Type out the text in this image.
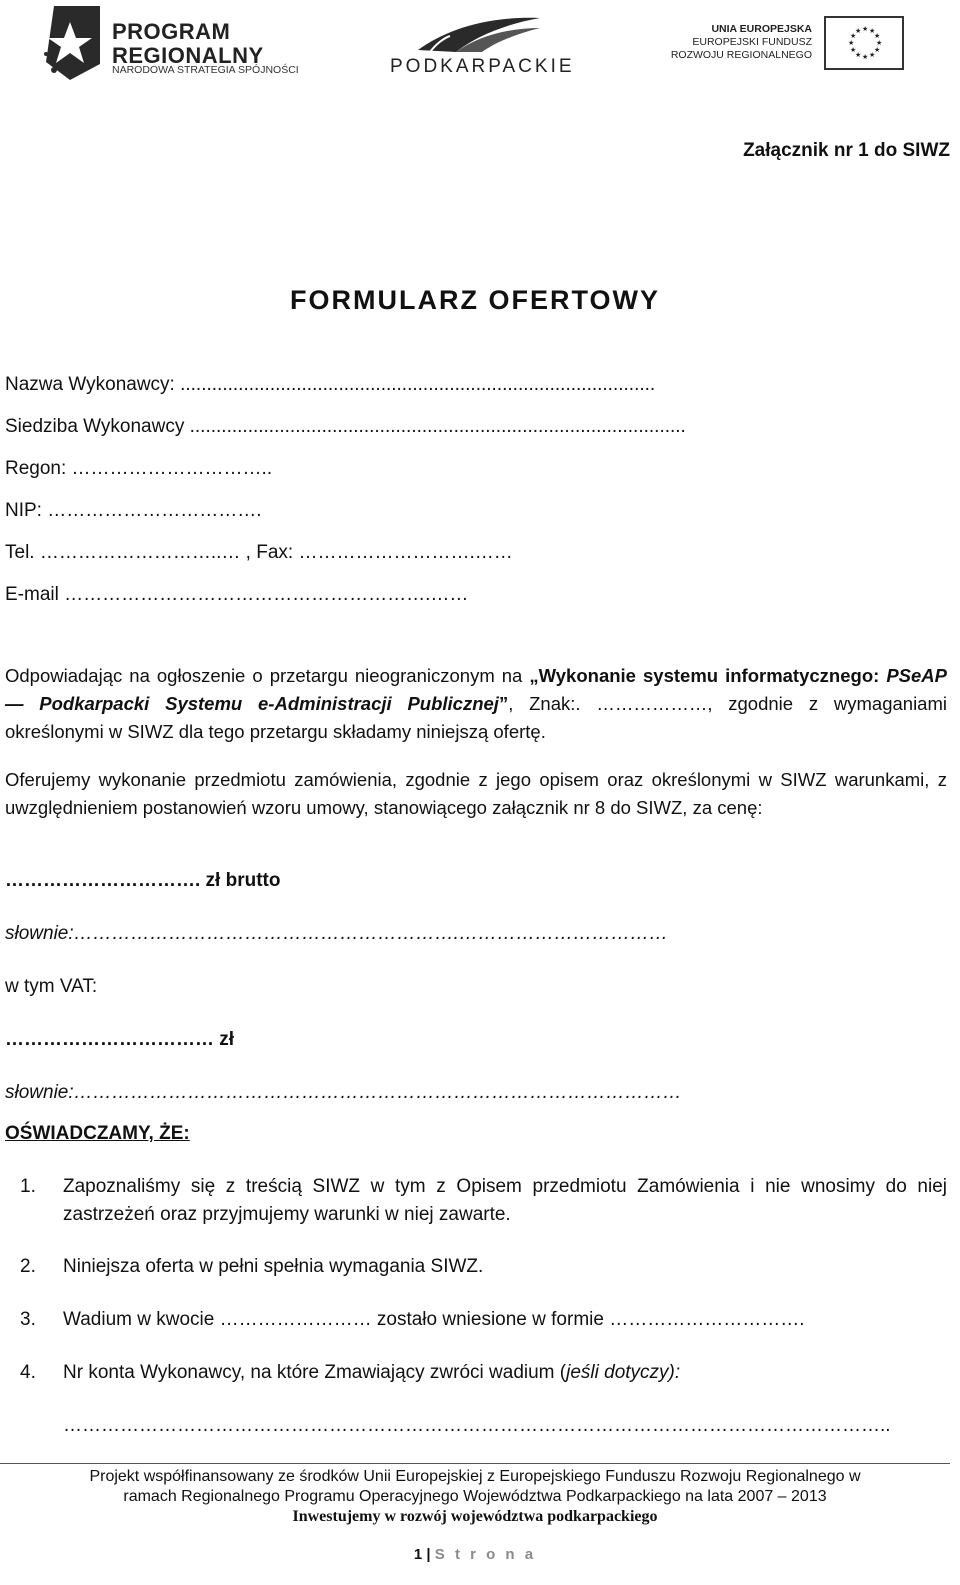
PROGRAM
REGIONALNY
NARODOWA STRATEGIA SPÓJNOŚCI	PODKARPACKIE
UNIA EUROPEJSKA
EUROPEJSKI FUNDUSZ
ROZWOJU REGIONALNEGO
★ ★
★
★
★
★
★
★
★
★
★
★
Załącznik nr 1 do SIWZ
FORMULARZ OFERTOWY
Nazwa Wykonawcy: ..........................................................................................
Siedziba Wykonawcy ..............................................................................................
Regon: …………………………..
NIP: …………………………….
Tel. ………………………..… , Fax: ……………………….……
E-mail ………………………………………………….……
Odpowiadając na ogłoszenie o przetargu nieograniczonym na „Wykonanie systemu informatycznego: PSeAP — Podkarpacki Systemu e-Administracji Publicznej”, Znak:. ………………, zgodnie z wymaganiami określonymi w SIWZ dla tego przetargu składamy niniejszą ofertę.
Oferujemy wykonanie przedmiotu zamówienia, zgodnie z jego opisem oraz określonymi w SIWZ warunkami, z uwzględnieniem postanowień wzoru umowy, stanowiącego załącznik nr 8 do SIWZ, za cenę:
…………………………. zł brutto
słownie:…………………………………………………….……………………………
w tym VAT:
…………………………… zł
słownie:……………………………………………………………………………………
OŚWIADCZAMY, ŻE:
1. Zapoznaliśmy się z treścią SIWZ w tym z Opisem przedmiotu Zamówienia i nie wnosimy do niej zastrzeżeń oraz przyjmujemy warunki w niej zawarte.
2. Niniejsza oferta w pełni spełnia wymagania SIWZ.
3. Wadium w kwocie …………………… zostało wniesione w formie ………………………….
4. Nr konta Wykonawcy, na które Zmawiający zwróci wadium (jeśli dotyczy):
…………………………………………………………………………………………………………………..
Projekt współfinansowany ze środków Unii Europejskiej z Europejskiego Funduszu Rozwoju Regionalnego w
ramach Regionalnego Programu Operacyjnego Województwa Podkarpackiego na lata 2007 – 2013
Inwestujemy w rozwój województwa podkarpackiego
1 | S t r o n a
